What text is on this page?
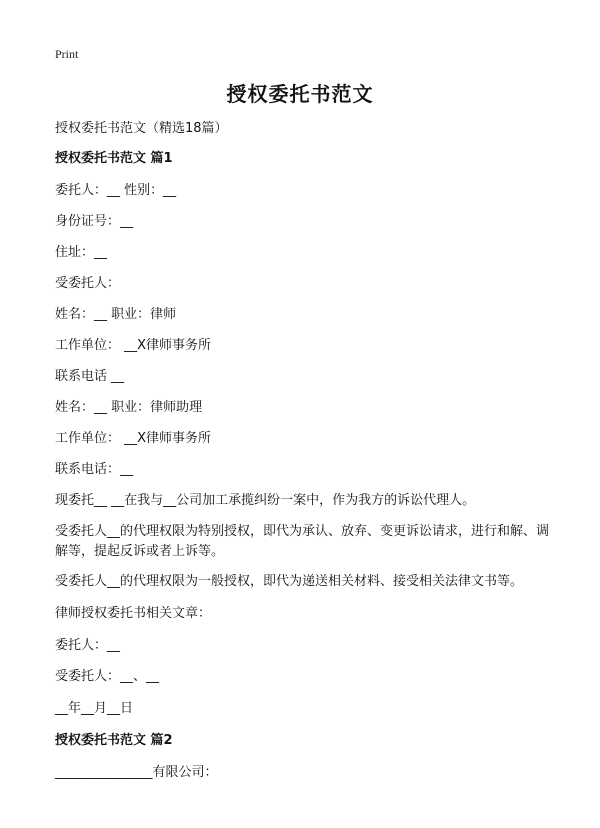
Print
授权委托书范文

授权委托书范文（精选18篇）

授权委托书范文 篇1

委托人：__ 性别：__

身份证号：__

住址：__

受委托人：

姓名：__ 职业：律师

工作单位： __X律师事务所

联系电话 __

姓名：__ 职业：律师助理

工作单位： __X律师事务所

联系电话：__

现委托__ __在我与__公司加工承揽纠纷一案中，作为我方的诉讼代理人。

受委托人__的代理权限为特别授权，即代为承认、放弃、变更诉讼请求，进行和解、调解等，提起反诉或者上诉等。

受委托人__的代理权限为一般授权，即代为递送相关材料、接受相关法律文书等。

律师授权委托书相关文章：

委托人：__

受委托人：__、__

__年__月__日

授权委托书范文 篇2

_______________有限公司：
